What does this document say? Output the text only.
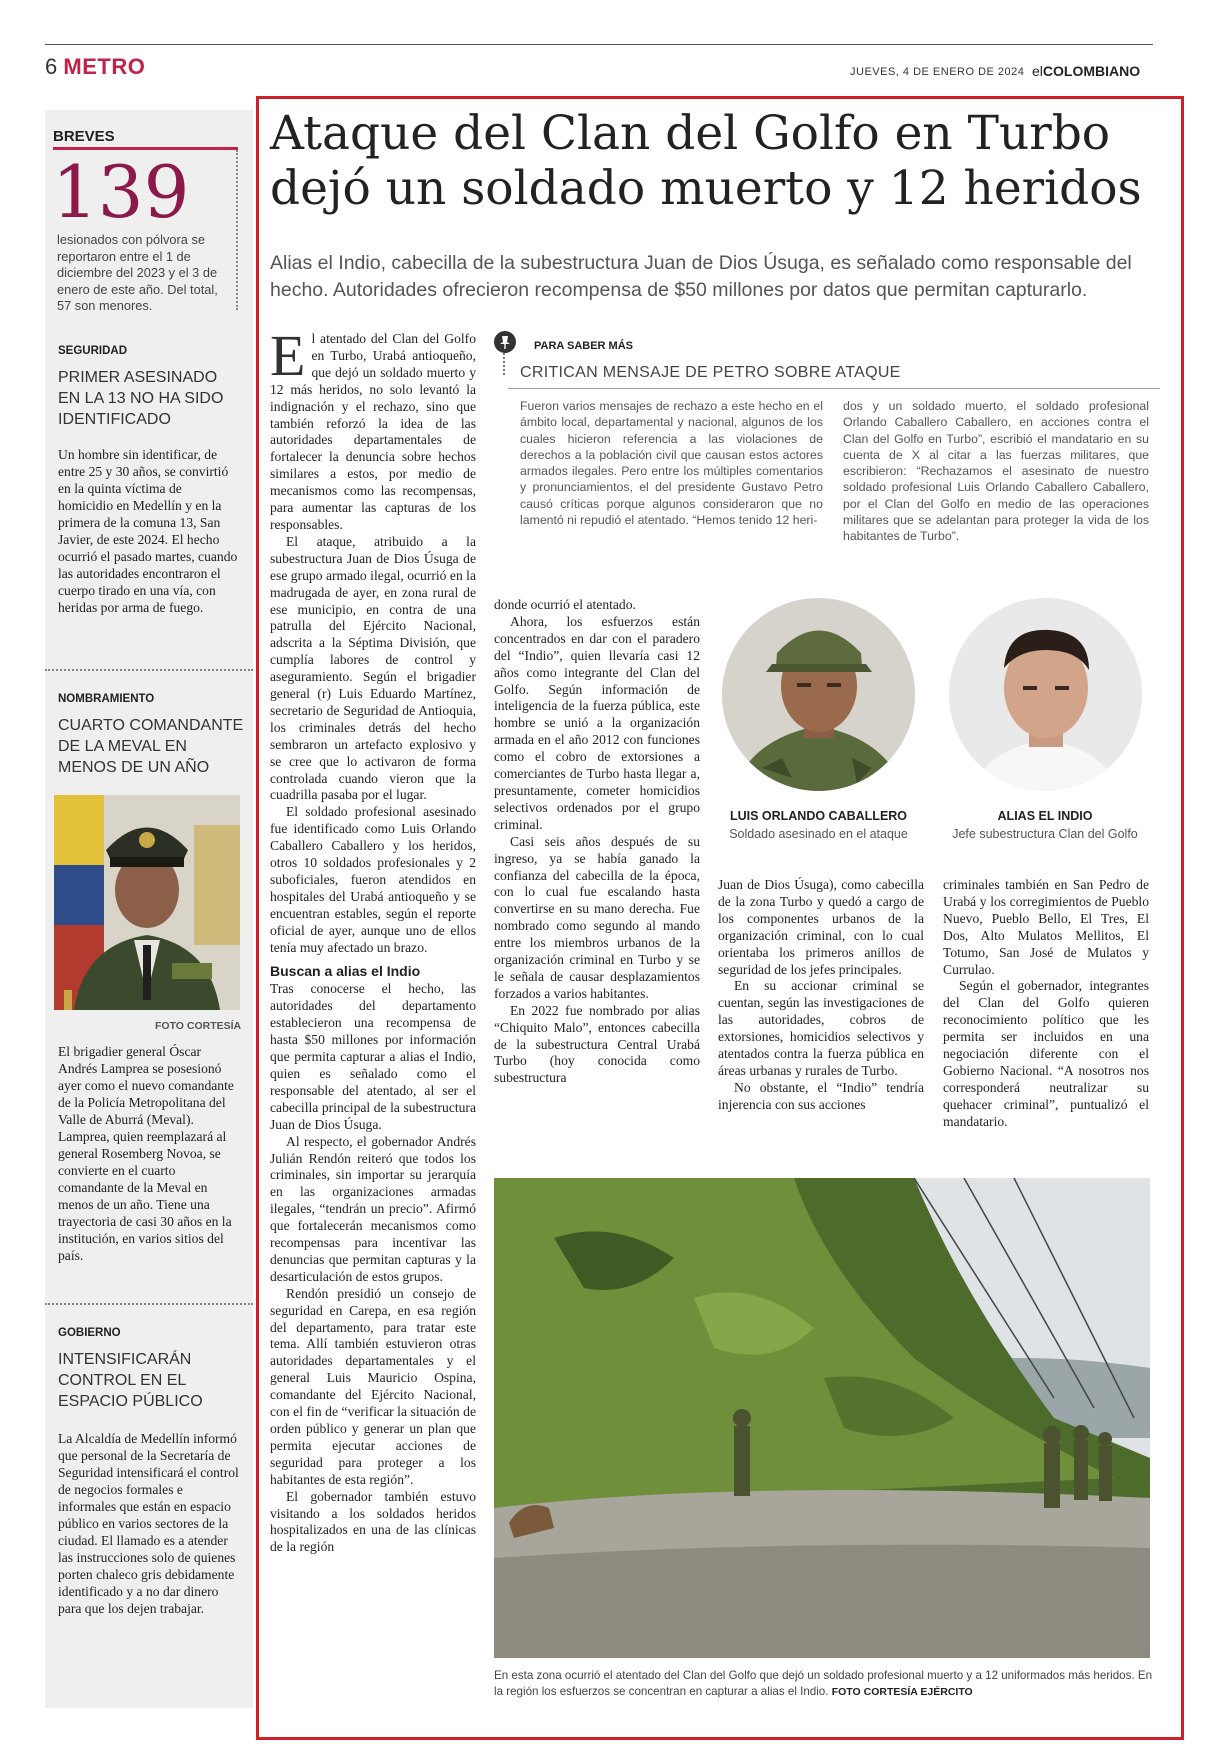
6 METRO	JUEVES, 4 DE ENERO DE 2024 elCOLOMBIANO
BREVES
139
lesionados con pólvora se reportaron entre el 1 de diciembre del 2023 y el 3 de enero de este año. Del total, 57 son menores.
SEGURIDAD
PRIMER ASESINADO EN LA 13 NO HA SIDO IDENTIFICADO
Un hombre sin identificar, de entre 25 y 30 años, se convirtió en la quinta víctima de homicidio en Medellín y en la primera de la comuna 13, San Javier, de este 2024. El hecho ocurrió el pasado martes, cuando las autoridades encontraron el cuerpo tirado en una vía, con heridas por arma de fuego.
NOMBRAMIENTO
CUARTO COMANDANTE DE LA MEVAL EN MENOS DE UN AÑO
FOTO CORTESÍA
El brigadier general Óscar Andrés Lamprea se posesionó ayer como el nuevo comandante de la Policía Metropolitana del Valle de Aburrá (Meval). Lamprea, quien reemplazará al general Rosemberg Novoa, se convierte en el cuarto comandante de la Meval en menos de un año. Tiene una trayectoria de casi 30 años en la institución, en varios sitios del país.
GOBIERNO
INTENSIFICARÁN CONTROL EN EL ESPACIO PÚBLICO
La Alcaldía de Medellín informó que personal de la Secretaría de Seguridad intensificará el control de negocios formales e informales que están en espacio público en varios sectores de la ciudad. El llamado es a atender las instrucciones solo de quienes porten chaleco gris debidamente identificado y a no dar dinero para que los dejen trabajar.
Ataque del Clan del Golfo en Turbo dejó un soldado muerto y 12 heridos
Alias el Indio, cabecilla de la subestructura Juan de Dios Úsuga, es señalado como responsable del hecho. Autoridades ofrecieron recompensa de $50 millones por datos que permitan capturarlo.
E l atentado del Clan del Golfo en Turbo, Urabá antioqueño, que dejó un soldado muerto y 12 más heridos, no solo levantó la indignación y el rechazo, sino que también reforzó la idea de las autoridades departamentales de fortalecer la denuncia sobre hechos similares a estos, por medio de mecanismos como las recompensas, para aumentar las capturas de los responsables.

El ataque, atribuido a la subestructura Juan de Dios Úsuga de ese grupo armado ilegal, ocurrió en la madrugada de ayer, en zona rural de ese municipio, en contra de una patrulla del Ejército Nacional, adscrita a la Séptima División, que cumplía labores de control y aseguramiento. Según el brigadier general (r) Luis Eduardo Martínez, secretario de Seguridad de Antioquia, los criminales detrás del hecho sembraron un artefacto explosivo y se cree que lo activaron de forma controlada cuando vieron que la cuadrilla pasaba por el lugar.

El soldado profesional asesinado fue identificado como Luis Orlando Caballero Caballero y los heridos, otros 10 soldados profesionales y 2 suboficiales, fueron atendidos en hospitales del Urabá antioqueño y se encuentran estables, según el reporte oficial de ayer, aunque uno de ellos tenía muy afectado un brazo.

Buscan a alias el Indio

Tras conocerse el hecho, las autoridades del departamento establecieron una recompensa de hasta $50 millones por información que permita capturar a alias el Indio, quien es señalado como el responsable del atentado, al ser el cabecilla principal de la subestructura Juan de Dios Úsuga.

Al respecto, el gobernador Andrés Julián Rendón reiteró que todos los criminales, sin importar su jerarquía en las organizaciones armadas ilegales, “tendrán un precio”. Afirmó que fortalecerán mecanismos como recompensas para incentivar las denuncias que permitan capturas y la desarticulación de estos grupos.

Rendón presidió un consejo de seguridad en Carepa, en esa región del departamento, para tratar este tema. Allí también estuvieron otras autoridades departamentales y el general Luis Mauricio Ospina, comandante del Ejército Nacional, con el fin de “verificar la situación de orden público y generar un plan que permita ejecutar acciones de seguridad para proteger a los habitantes de esta región”.

El gobernador también estuvo visitando a los soldados heridos hospitalizados en una de las clínicas de la región

PARA SABER MÁS
CRITICAN MENSAJE DE PETRO SOBRE ATAQUE
Fueron varios mensajes de rechazo a este hecho en el ámbito local, departamental y nacional, algunos de los cuales hicieron referencia a las violaciones de derechos a la población civil que causan estos actores armados ilegales. Pero entre los múltiples comentarios y pronunciamientos, el del presidente Gustavo Petro causó críticas porque algunos consideraron que no lamentó ni repudió el atentado. “Hemos tenido 12 heri-
dos y un soldado muerto, el soldado profesional Orlando Caballero Caballero, en acciones contra el Clan del Golfo en Turbo”, escribió el mandatario en su cuenta de X al citar a las fuerzas militares, que escribieron: “Rechazamos el asesinato de nuestro soldado profesional Luis Orlando Caballero Caballero, por el Clan del Golfo en medio de las operaciones militares que se adelantan para proteger la vida de los habitantes de Turbo”.

donde ocurrió el atentado.

Ahora, los esfuerzos están concentrados en dar con el paradero del “Indio”, quien llevaría casi 12 años como integrante del Clan del Golfo. Según información de inteligencia de la fuerza pública, este hombre se unió a la organización armada en el año 2012 con funciones como el cobro de extorsiones a comerciantes de Turbo hasta llegar a, presuntamente, cometer homicidios selectivos ordenados por el grupo criminal.

Casi seis años después de su ingreso, ya se había ganado la confianza del cabecilla de la época, con lo cual fue escalando hasta convertirse en su mano derecha. Fue nombrado como segundo al mando entre los miembros urbanos de la organización criminal en Turbo y se le señala de causar desplazamientos forzados a varios habitantes.

En 2022 fue nombrado por alias “Chiquito Malo”, entonces cabecilla de la subestructura Central Urabá Turbo (hoy conocida como subestructura

LUIS ORLANDO CABALLERO
Soldado asesinado en el ataque
ALIAS EL INDIO
Jefe subestructura Clan del Golfo

Juan de Dios Úsuga), como cabecilla de la zona Turbo y quedó a cargo de los componentes urbanos de la organización criminal, con lo cual orientaba los primeros anillos de seguridad de los jefes principales.

En su accionar criminal se cuentan, según las investigaciones de las autoridades, cobros de extorsiones, homicidios selectivos y atentados contra la fuerza pública en áreas urbanas y rurales de Turbo.

No obstante, el “Indio” tendría injerencia con sus acciones

criminales también en San Pedro de Urabá y los corregimientos de Pueblo Nuevo, Pueblo Bello, El Tres, El Dos, Alto Mulatos Mellitos, El Totumo, San José de Mulatos y Currulao.

Según el gobernador, integrantes del Clan del Golfo quieren reconocimiento político que les permita ser incluidos en una negociación diferente con el Gobierno Nacional. “A nosotros nos corresponderá neutralizar su quehacer criminal”, puntualizó el mandatario.

En esta zona ocurrió el atentado del Clan del Golfo que dejó un soldado profesional muerto y a 12 uniformados más heridos. En la región los esfuerzos se concentran en capturar a alias el Indio. FOTO CORTESÍA EJÉRCITO
